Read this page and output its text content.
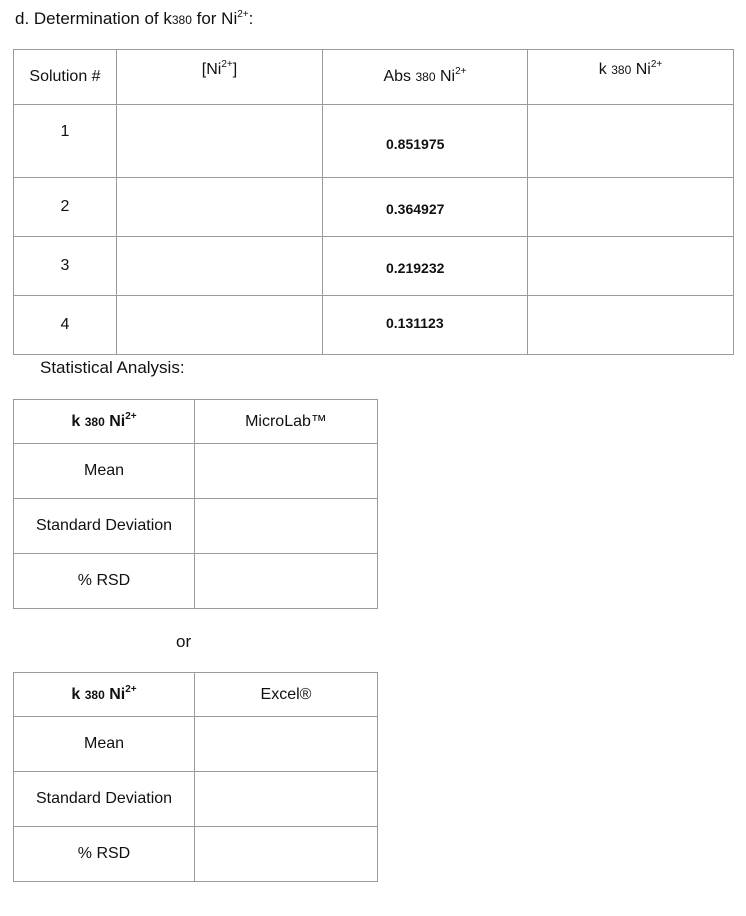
d. Determination of k380 for $Ni^{2+}$:
Solution #	$[Ni^{2+}]$	Abs 380 $Ni^{2+}$	k 380 $Ni^{2+}$
1		0.851975	
2		0.364927	
3		0.219232	
4		0.131123	
Statistical Analysis:
k 380 $Ni^{2+}$	MicroLab™
Mean	
Standard Deviation	
% RSD	
or
k 380 $Ni^{2+}$	Excel®
Mean	
Standard Deviation	
% RSD	
